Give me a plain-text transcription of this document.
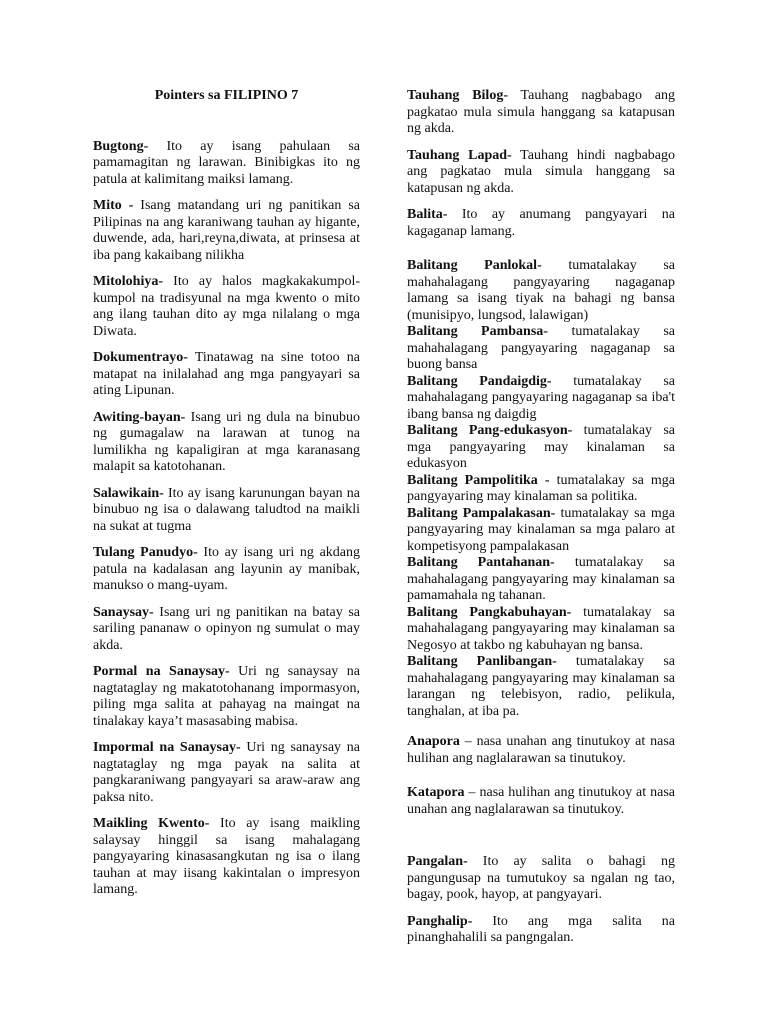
Pointers sa FILIPINO 7

Bugtong- Ito ay isang pahulaan sa pamamagitan ng larawan. Binibigkas ito ng patula at kalimitang maiksi lamang.

Mito - Isang matandang uri ng panitikan sa Pilipinas na ang karaniwang tauhan ay higante, duwende, ada, hari,reyna,diwata, at prinsesa at iba pang kakaibang nilikha

Mitolohiya- Ito ay halos magkakakumpol-kumpol na tradisyunal na mga kwento o mito ang ilang tauhan dito ay mga nilalang o mga Diwata.

Dokumentrayo- Tinatawag na sine totoo na matapat na inilalahad ang mga pangyayari sa ating Lipunan.

Awiting-bayan- Isang uri ng dula na binubuo ng gumagalaw na larawan at tunog na lumilikha ng kapaligiran at mga karanasang malapit sa katotohanan.

Salawikain- Ito ay isang karunungan bayan na binubuo ng isa o dalawang taludtod na maikli na sukat at tugma

Tulang Panudyo- Ito ay isang uri ng akdang patula na kadalasan ang layunin ay manibak, manukso o mang-uyam.

Sanaysay- Isang uri ng panitikan na batay sa sariling pananaw o opinyon ng sumulat o may akda.

Pormal na Sanaysay- Uri ng sanaysay na nagtataglay ng makatotohanang impormasyon, piling mga salita at pahayag na maingat na tinalakay kaya’t masasabing mabisa.

Impormal na Sanaysay- Uri ng sanaysay na nagtataglay ng mga payak na salita at pangkaraniwang pangyayari sa araw-araw ang paksa nito.

Maikling Kwento- Ito ay isang maikling salaysay hinggil sa isang mahalagang pangyayaring kinasasangkutan ng isa o ilang tauhan at may iisang kakintalan o impresyon lamang.

Tauhang Bilog- Tauhang nagbabago ang pagkatao mula simula hanggang sa katapusan ng akda.

Tauhang Lapad- Tauhang hindi nagbabago ang pagkatao mula simula hanggang sa katapusan ng akda.

Balita- Ito ay anumang pangyayari na kagaganap lamang.

Balitang Panlokal- tumatalakay sa mahahalagang pangyayaring nagaganap lamang sa isang tiyak na bahagi ng bansa (munisipyo, lungsod, lalawigan)

Balitang Pambansa- tumatalakay sa mahahalagang pangyayaring nagaganap sa buong bansa

Balitang Pandaigdig- tumatalakay sa mahahalagang pangyayaring nagaganap sa iba't ibang bansa ng daigdig

Balitang Pang-edukasyon- tumatalakay sa mga pangyayaring may kinalaman sa edukasyon

Balitang Pampolitika - tumatalakay sa mga pangyayaring may kinalaman sa politika.

Balitang Pampalakasan- tumatalakay sa mga pangyayaring may kinalaman sa mga palaro at kompetisyong pampalakasan

Balitang Pantahanan- tumatalakay sa mahahalagang pangyayaring may kinalaman sa pamamahala ng tahanan.

Balitang Pangkabuhayan- tumatalakay sa mahahalagang pangyayaring may kinalaman sa Negosyo at takbo ng kabuhayan ng bansa.

Balitang Panlibangan- tumatalakay sa mahahalagang pangyayaring may kinalaman sa larangan ng telebisyon, radio, pelikula, tanghalan, at iba pa.

Anapora – nasa unahan ang tinutukoy at nasa hulihan ang naglalarawan sa tinutukoy.

Katapora – nasa hulihan ang tinutukoy at nasa unahan ang naglalarawan sa tinutukoy.

Pangalan- Ito ay salita o bahagi ng pangungusap na tumutukoy sa ngalan ng tao, bagay, pook, hayop, at pangyayari.

Panghalip- Ito ang mga salita na pinanghahalili sa pangngalan.
